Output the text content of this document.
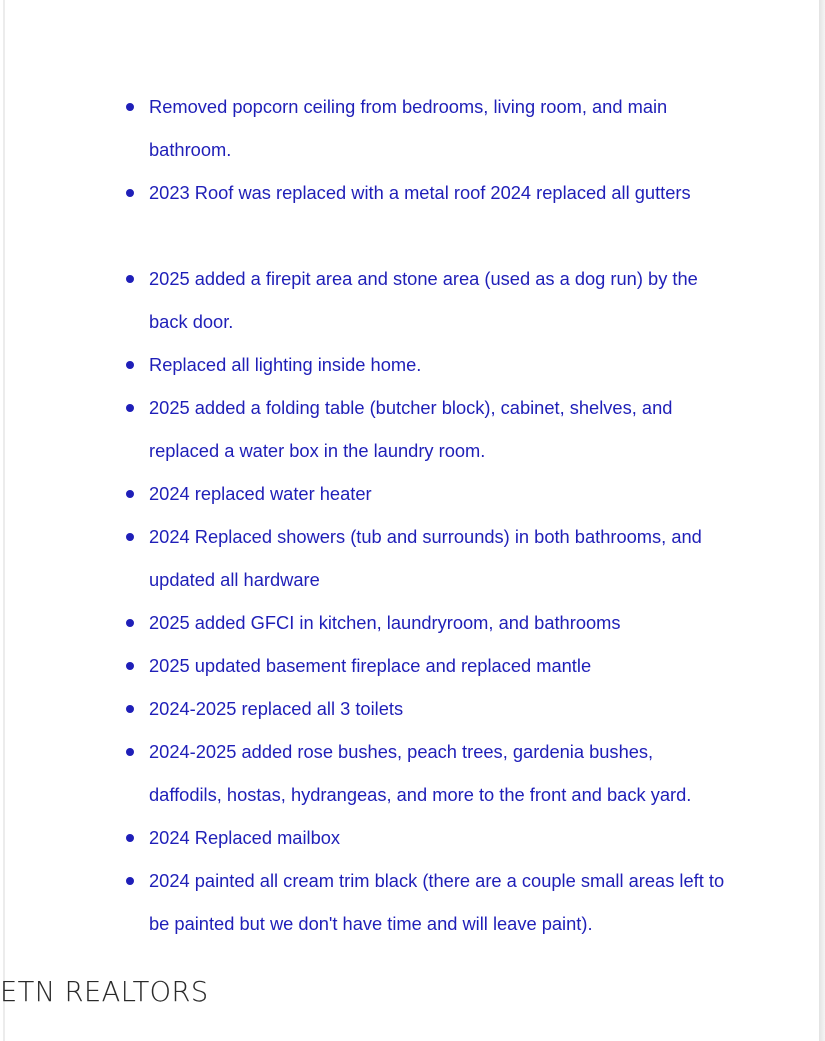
Removed popcorn ceiling from bedrooms, living room, and main bathroom.
2023 Roof was replaced with a metal roof 2024 replaced all gutters
2025 added a firepit area and stone area (used as a dog run) by the back door.
Replaced all lighting inside home.
2025 added a folding table (butcher block), cabinet, shelves, and replaced a water box in the laundry room.
2024 replaced water heater
2024 Replaced showers (tub and surrounds) in both bathrooms, and updated all hardware
2025 added GFCI in kitchen, laundryroom, and bathrooms
2025 updated basement fireplace and replaced mantle
2024-2025 replaced all 3 toilets
2024-2025 added rose bushes, peach trees, gardenia bushes, daffodils, hostas, hydrangeas, and more to the front and back yard.
2024 Replaced mailbox
2024 painted all cream trim black (there are a couple small areas left to be painted but we don't have time and will leave paint).
ETN REALTORS
